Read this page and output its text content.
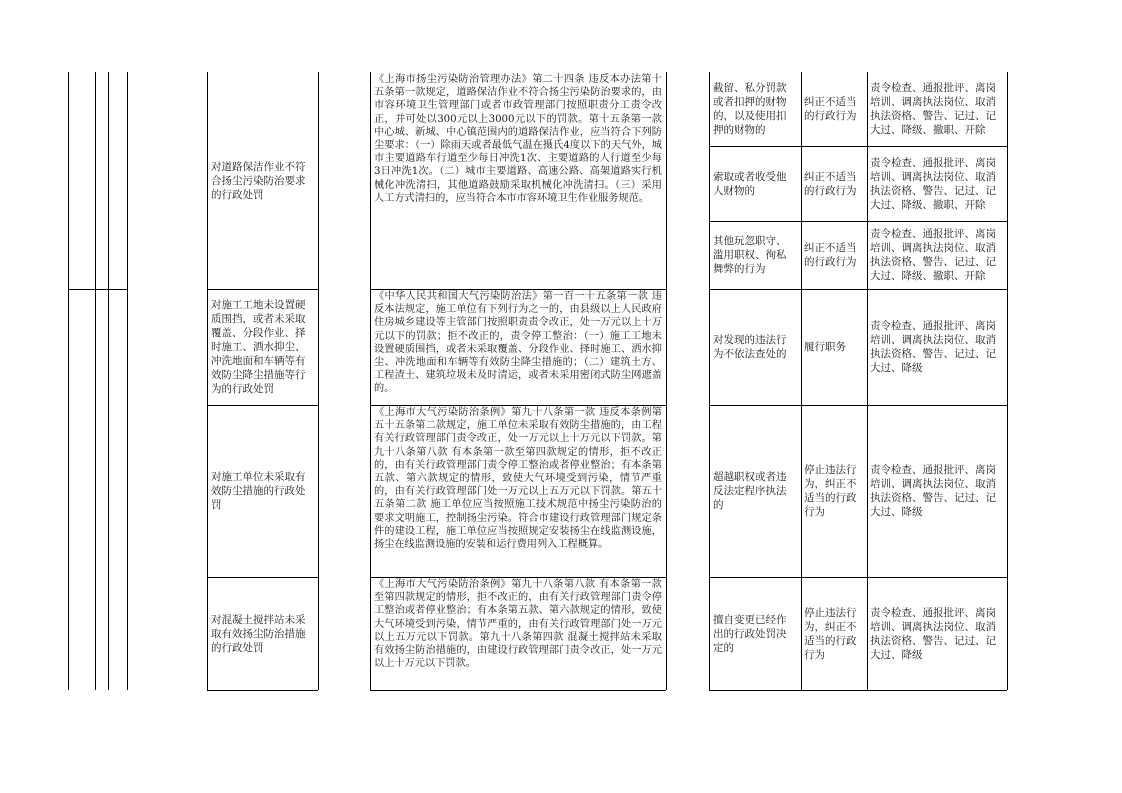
对道路保洁作业不符
合扬尘污染防治要求
的行政处罚
《上海市扬尘污染防治管理办法》第二十四条 违反本办法第十五条第一款规定，道路保洁作业不符合扬尘污染防治要求的，由市容环境卫生管理部门或者市政管理部门按照职责分工责令改正，并可处以300元以上3000元以下的罚款。第十五条第一款 中心城、新城、中心镇范围内的道路保洁作业，应当符合下列防尘要求：（一）除雨天或者最低气温在摄氏4度以下的天气外，城市主要道路车行道至少每日冲洗1次、主要道路的人行道至少每3日冲洗1次。（二）城市主要道路、高速公路、高架道路实行机械化冲洗清扫，其他道路鼓励采取机械化冲洗清扫。（三）采用人工方式清扫的，应当符合本市市容环境卫生作业服务规范。
截留、私分罚款
或者扣押的财物
的，以及使用扣
押的财物的
纠正不适当
的行政行为
责令检查、通报批评、离岗
培训、调离执法岗位、取消
执法资格、警告、记过、记
大过、降级、撤职、开除
索取或者收受他
人财物的
纠正不适当
的行政行为
责令检查、通报批评、离岗
培训、调离执法岗位、取消
执法资格、警告、记过、记
大过、降级、撤职、开除
其他玩忽职守、
滥用职权、徇私
舞弊的行为
纠正不适当
的行政行为
责令检查、通报批评、离岗
培训、调离执法岗位、取消
执法资格、警告、记过、记
大过、降级、撤职、开除
对施工工地未设置硬
质围挡，或者未采取
覆盖、分段作业、择
时施工、洒水抑尘、
冲洗地面和车辆等有
效防尘降尘措施等行
为的行政处罚
《中华人民共和国大气污染防治法》第一百一十五条第一款 违反本法规定，施工单位有下列行为之一的，由县级以上人民政府住房城乡建设等主管部门按照职责责令改正，处一万元以上十万元以下的罚款；拒不改正的，责令停工整治：（一）施工工地未设置硬质围挡，或者未采取覆盖、分段作业、择时施工、洒水抑尘、冲洗地面和车辆等有效防尘降尘措施的；（二）建筑土方、工程渣土、建筑垃圾未及时清运，或者未采用密闭式防尘网遮盖的。
对发现的违法行
为不依法查处的
履行职务
责令检查、通报批评、离岗
培训、调离执法岗位、取消
执法资格、警告、记过、记
大过、降级
对施工单位未采取有
效防尘措施的行政处
罚
《上海市大气污染防治条例》第九十八条第一款 违反本条例第五十五条第二款规定，施工单位未采取有效防尘措施的，由工程有关行政管理部门责令改正，处一万元以上十万元以下罚款。第九十八条第八款 有本条第一款至第四款规定的情形，拒不改正的，由有关行政管理部门责令停工整治或者停业整治；有本条第五款、第六款规定的情形，致使大气环境受到污染，情节严重的，由有关行政管理部门处一万元以上五万元以下罚款。第五十五条第二款 施工单位应当按照施工技术规范中扬尘污染防治的要求文明施工，控制扬尘污染。符合市建设行政管理部门规定条件的建设工程，施工单位应当按照规定安装扬尘在线监测设施，扬尘在线监测设施的安装和运行费用列入工程概算。
超越职权或者违
反法定程序执法
的
停止违法行
为，纠正不
适当的行政
行为
责令检查、通报批评、离岗
培训、调离执法岗位、取消
执法资格、警告、记过、记
大过、降级
对混凝土搅拌站未采
取有效扬尘防治措施
的行政处罚
《上海市大气污染防治条例》第九十八条第八款 有本条第一款至第四款规定的情形，拒不改正的，由有关行政管理部门责令停工整治或者停业整治；有本条第五款、第六款规定的情形，致使大气环境受到污染，情节严重的，由有关行政管理部门处一万元以上五万元以下罚款。第九十八条第四款 混凝土搅拌站未采取有效扬尘防治措施的，由建设行政管理部门责令改正，处一万元以上十万元以下罚款。
擅自变更已经作
出的行政处罚决
定的
停止违法行
为，纠正不
适当的行政
行为
责令检查、通报批评、离岗
培训、调离执法岗位、取消
执法资格、警告、记过、记
大过、降级
